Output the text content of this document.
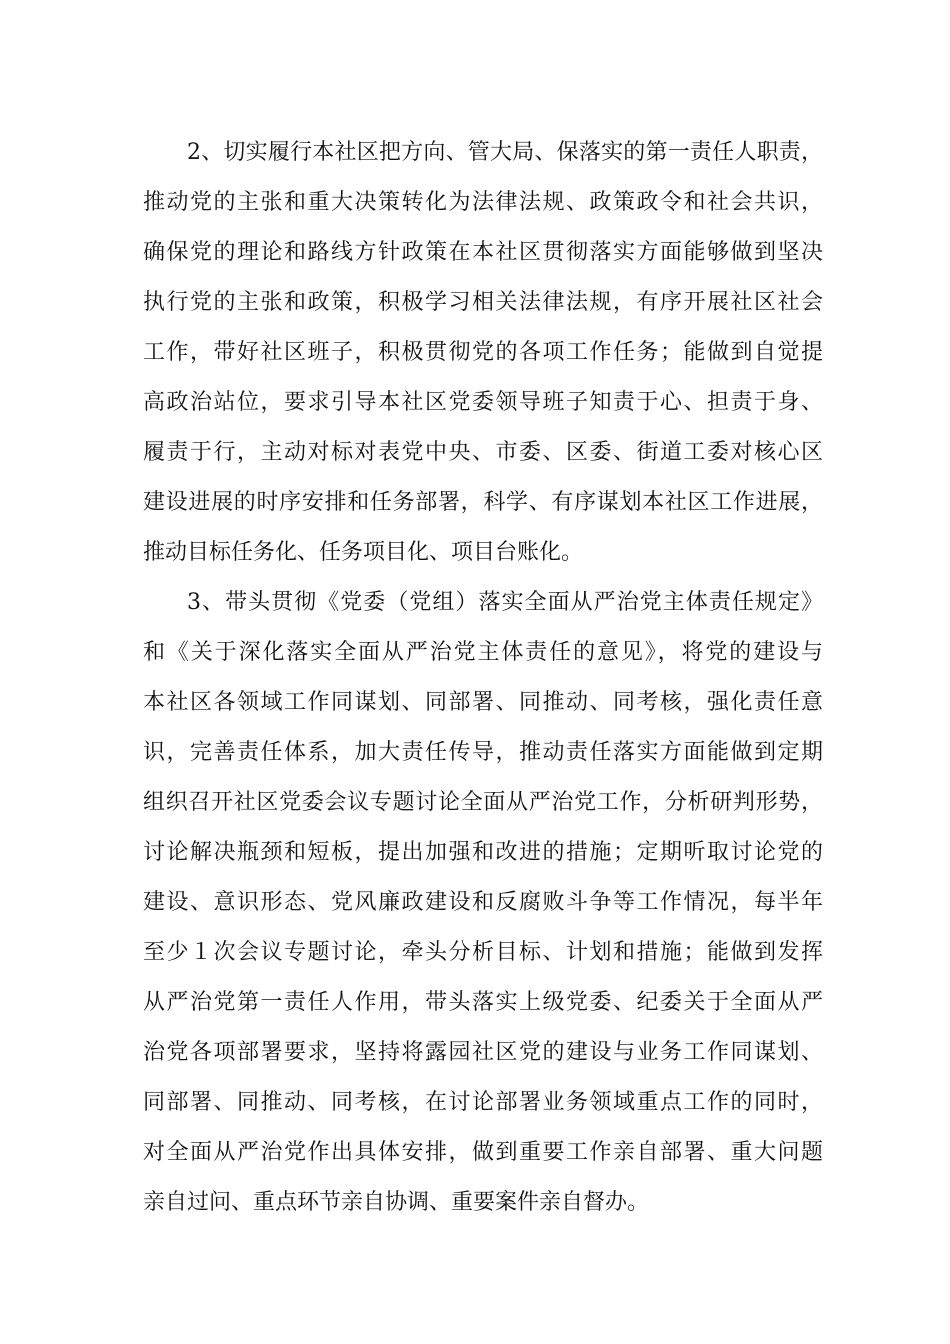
2、切实履行本社区把方向、管大局、保落实的第一责任人职责，
推动党的主张和重大决策转化为法律法规、政策政令和社会共识，
确保党的理论和路线方针政策在本社区贯彻落实方面能够做到坚决
执行党的主张和政策，积极学习相关法律法规，有序开展社区社会
工作，带好社区班子，积极贯彻党的各项工作任务；能做到自觉提
高政治站位，要求引导本社区党委领导班子知责于心、担责于身、
履责于行，主动对标对表党中央、市委、区委、街道工委对核心区
建设进展的时序安排和任务部署，科学、有序谋划本社区工作进展，
推动目标任务化、任务项目化、项目台账化。
3、带头贯彻《党委（党组）落实全面从严治党主体责任规定》
和《关于深化落实全面从严治党主体责任的意见》，将党的建设与
本社区各领域工作同谋划、同部署、同推动、同考核，强化责任意
识，完善责任体系，加大责任传导，推动责任落实方面能做到定期
组织召开社区党委会议专题讨论全面从严治党工作，分析研判形势，
讨论解决瓶颈和短板，提出加强和改进的措施；定期听取讨论党的
建设、意识形态、党风廉政建设和反腐败斗争等工作情况，每半年
至少１次会议专题讨论，牵头分析目标、计划和措施；能做到发挥
从严治党第一责任人作用，带头落实上级党委、纪委关于全面从严
治党各项部署要求，坚持将露园社区党的建设与业务工作同谋划、
同部署、同推动、同考核，在讨论部署业务领域重点工作的同时，
对全面从严治党作出具体安排，做到重要工作亲自部署、重大问题
亲自过问、重点环节亲自协调、重要案件亲自督办。
